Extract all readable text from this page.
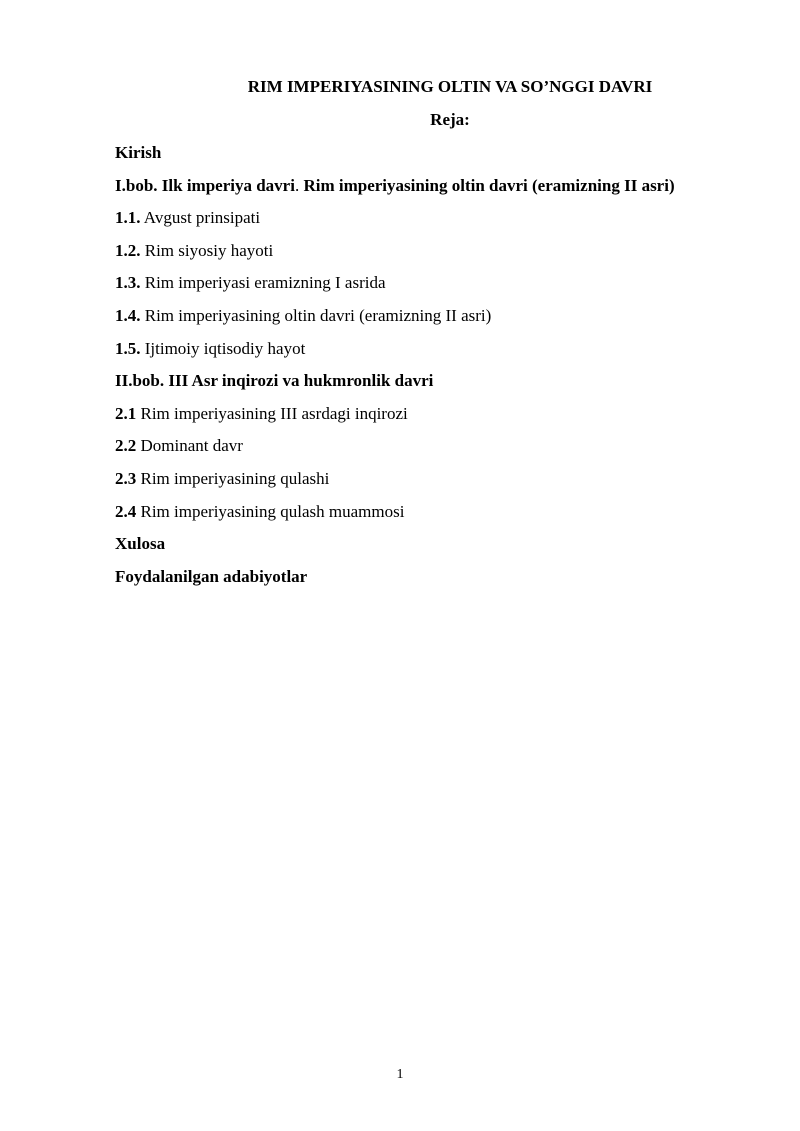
RIM IMPERIYASINING OLTIN VA SO’NGGI DAVRI
Reja:
Kirish
I.bob. Ilk imperiya davri. Rim imperiyasining oltin davri (eramizning II asri)
1.1. Avgust prinsipati
1.2. Rim siyosiy hayoti
1.3. Rim imperiyasi eramizning I asrida
1.4. Rim imperiyasining oltin davri (eramizning II asri)
1.5. Ijtimoiy iqtisodiy hayot
II.bob. III Asr inqirozi va hukmronlik davri
2.1 Rim imperiyasining III asrdagi inqirozi
2.2 Dominant davr
2.3 Rim imperiyasining qulashi
2.4 Rim imperiyasining qulash muammosi
Xulosa
Foydalanilgan adabiyotlar
1
